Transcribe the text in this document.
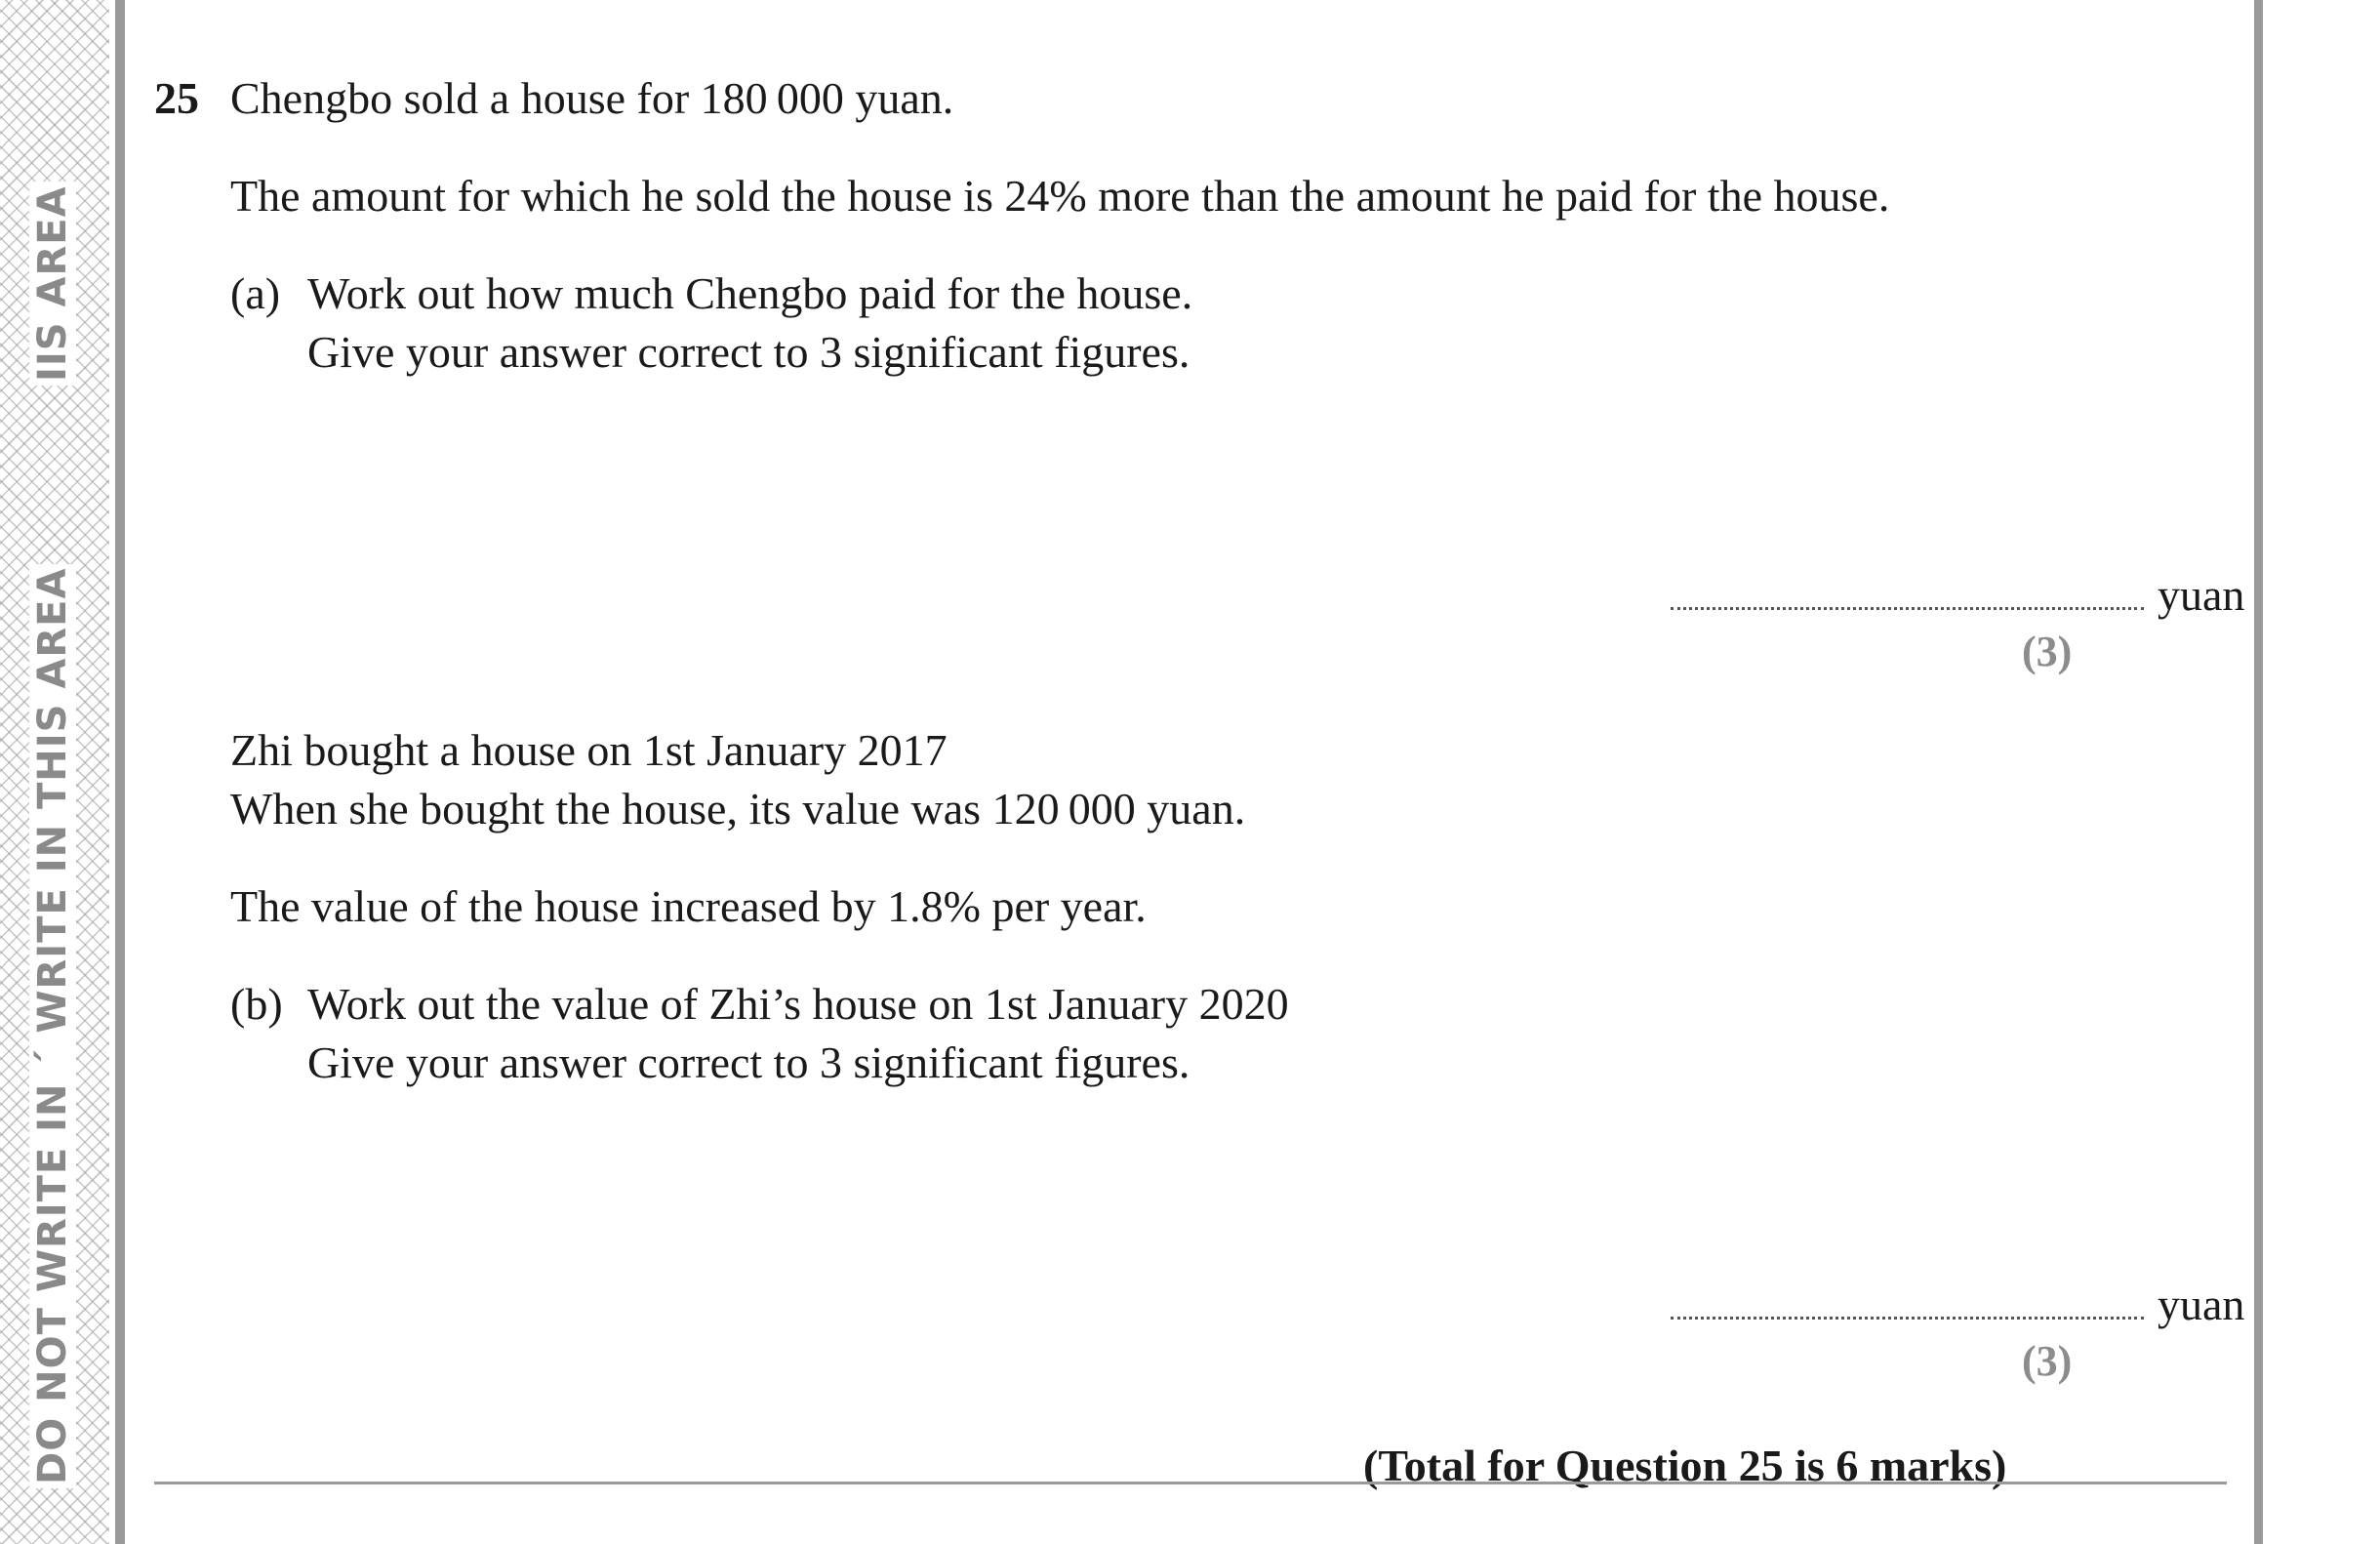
IIS AREA
DO NOT WRITE IN ´ WRITE IN THIS AREA
25 Chengbo sold a house for 180 000 yuan.
The amount for which he sold the house is 24% more than the amount he paid for the house.
(a) Work out how much Chengbo paid for the house.
Give your answer correct to 3 significant figures.
yuan
(3)
Zhi bought a house on 1st January 2017
When she bought the house, its value was 120 000 yuan.
The value of the house increased by 1.8% per year.
(b) Work out the value of Zhi’s house on 1st January 2020
Give your answer correct to 3 significant figures.
yuan
(3)
(Total for Question 25 is 6 marks)
